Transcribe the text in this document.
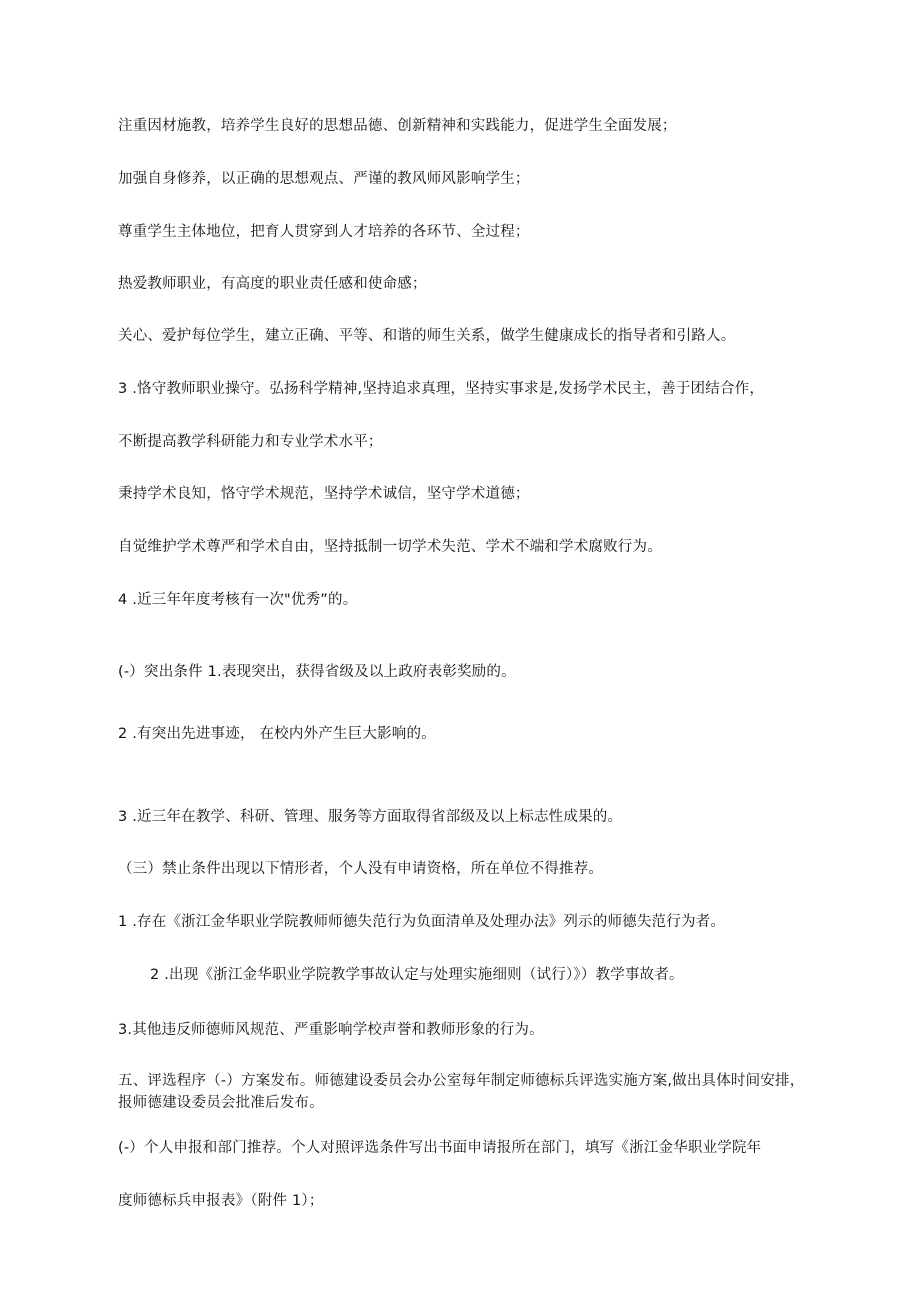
注重因材施教，培养学生良好的思想品德、创新精神和实践能力，促进学生全面发展；
加强自身修养，以正确的思想观点、严谨的教风师风影响学生；
尊重学生主体地位，把育人贯穿到人才培养的各环节、全过程；
热爱教师职业，有高度的职业责任感和使命感；
关心、爱护每位学生，建立正确、平等、和谐的师生关系，做学生健康成长的指导者和引路人。
3 .恪守教师职业操守。弘扬科学精神,坚持追求真理，坚持实事求是,发扬学术民主，善于团结合作，
不断提高教学科研能力和专业学术水平；
秉持学术良知，恪守学术规范，坚持学术诚信，坚守学术道德；
自觉维护学术尊严和学术自由，坚持抵制一切学术失范、学术不端和学术腐败行为。
4 .近三年年度考核有一次"优秀”的。
(-）突出条件 1.表现突出，获得省级及以上政府表彰奖励的。
2 .有突出先进事迹， 在校内外产生巨大影响的。
3 .近三年在教学、科研、管理、服务等方面取得省部级及以上标志性成果的。
（三）禁止条件出现以下情形者，个人没有申请资格，所在单位不得推荐。
1 .存在《浙江金华职业学院教师师德失范行为负面清单及处理办法》列示的师德失范行为者。
2 .出现《浙江金华职业学院教学事故认定与处理实施细则（试行）》）教学事故者。
3.其他违反师德师风规范、严重影响学校声誉和教师形象的行为。
五、评选程序（-）方案发布。师德建设委员会办公室每年制定师德标兵评选实施方案,做出具体时间安排，报师德建设委员会批准后发布。
(-）个人申报和部门推荐。个人对照评选条件写出书面申请报所在部门，填写《浙江金华职业学院年
度师德标兵申报表》（附件 1）；
